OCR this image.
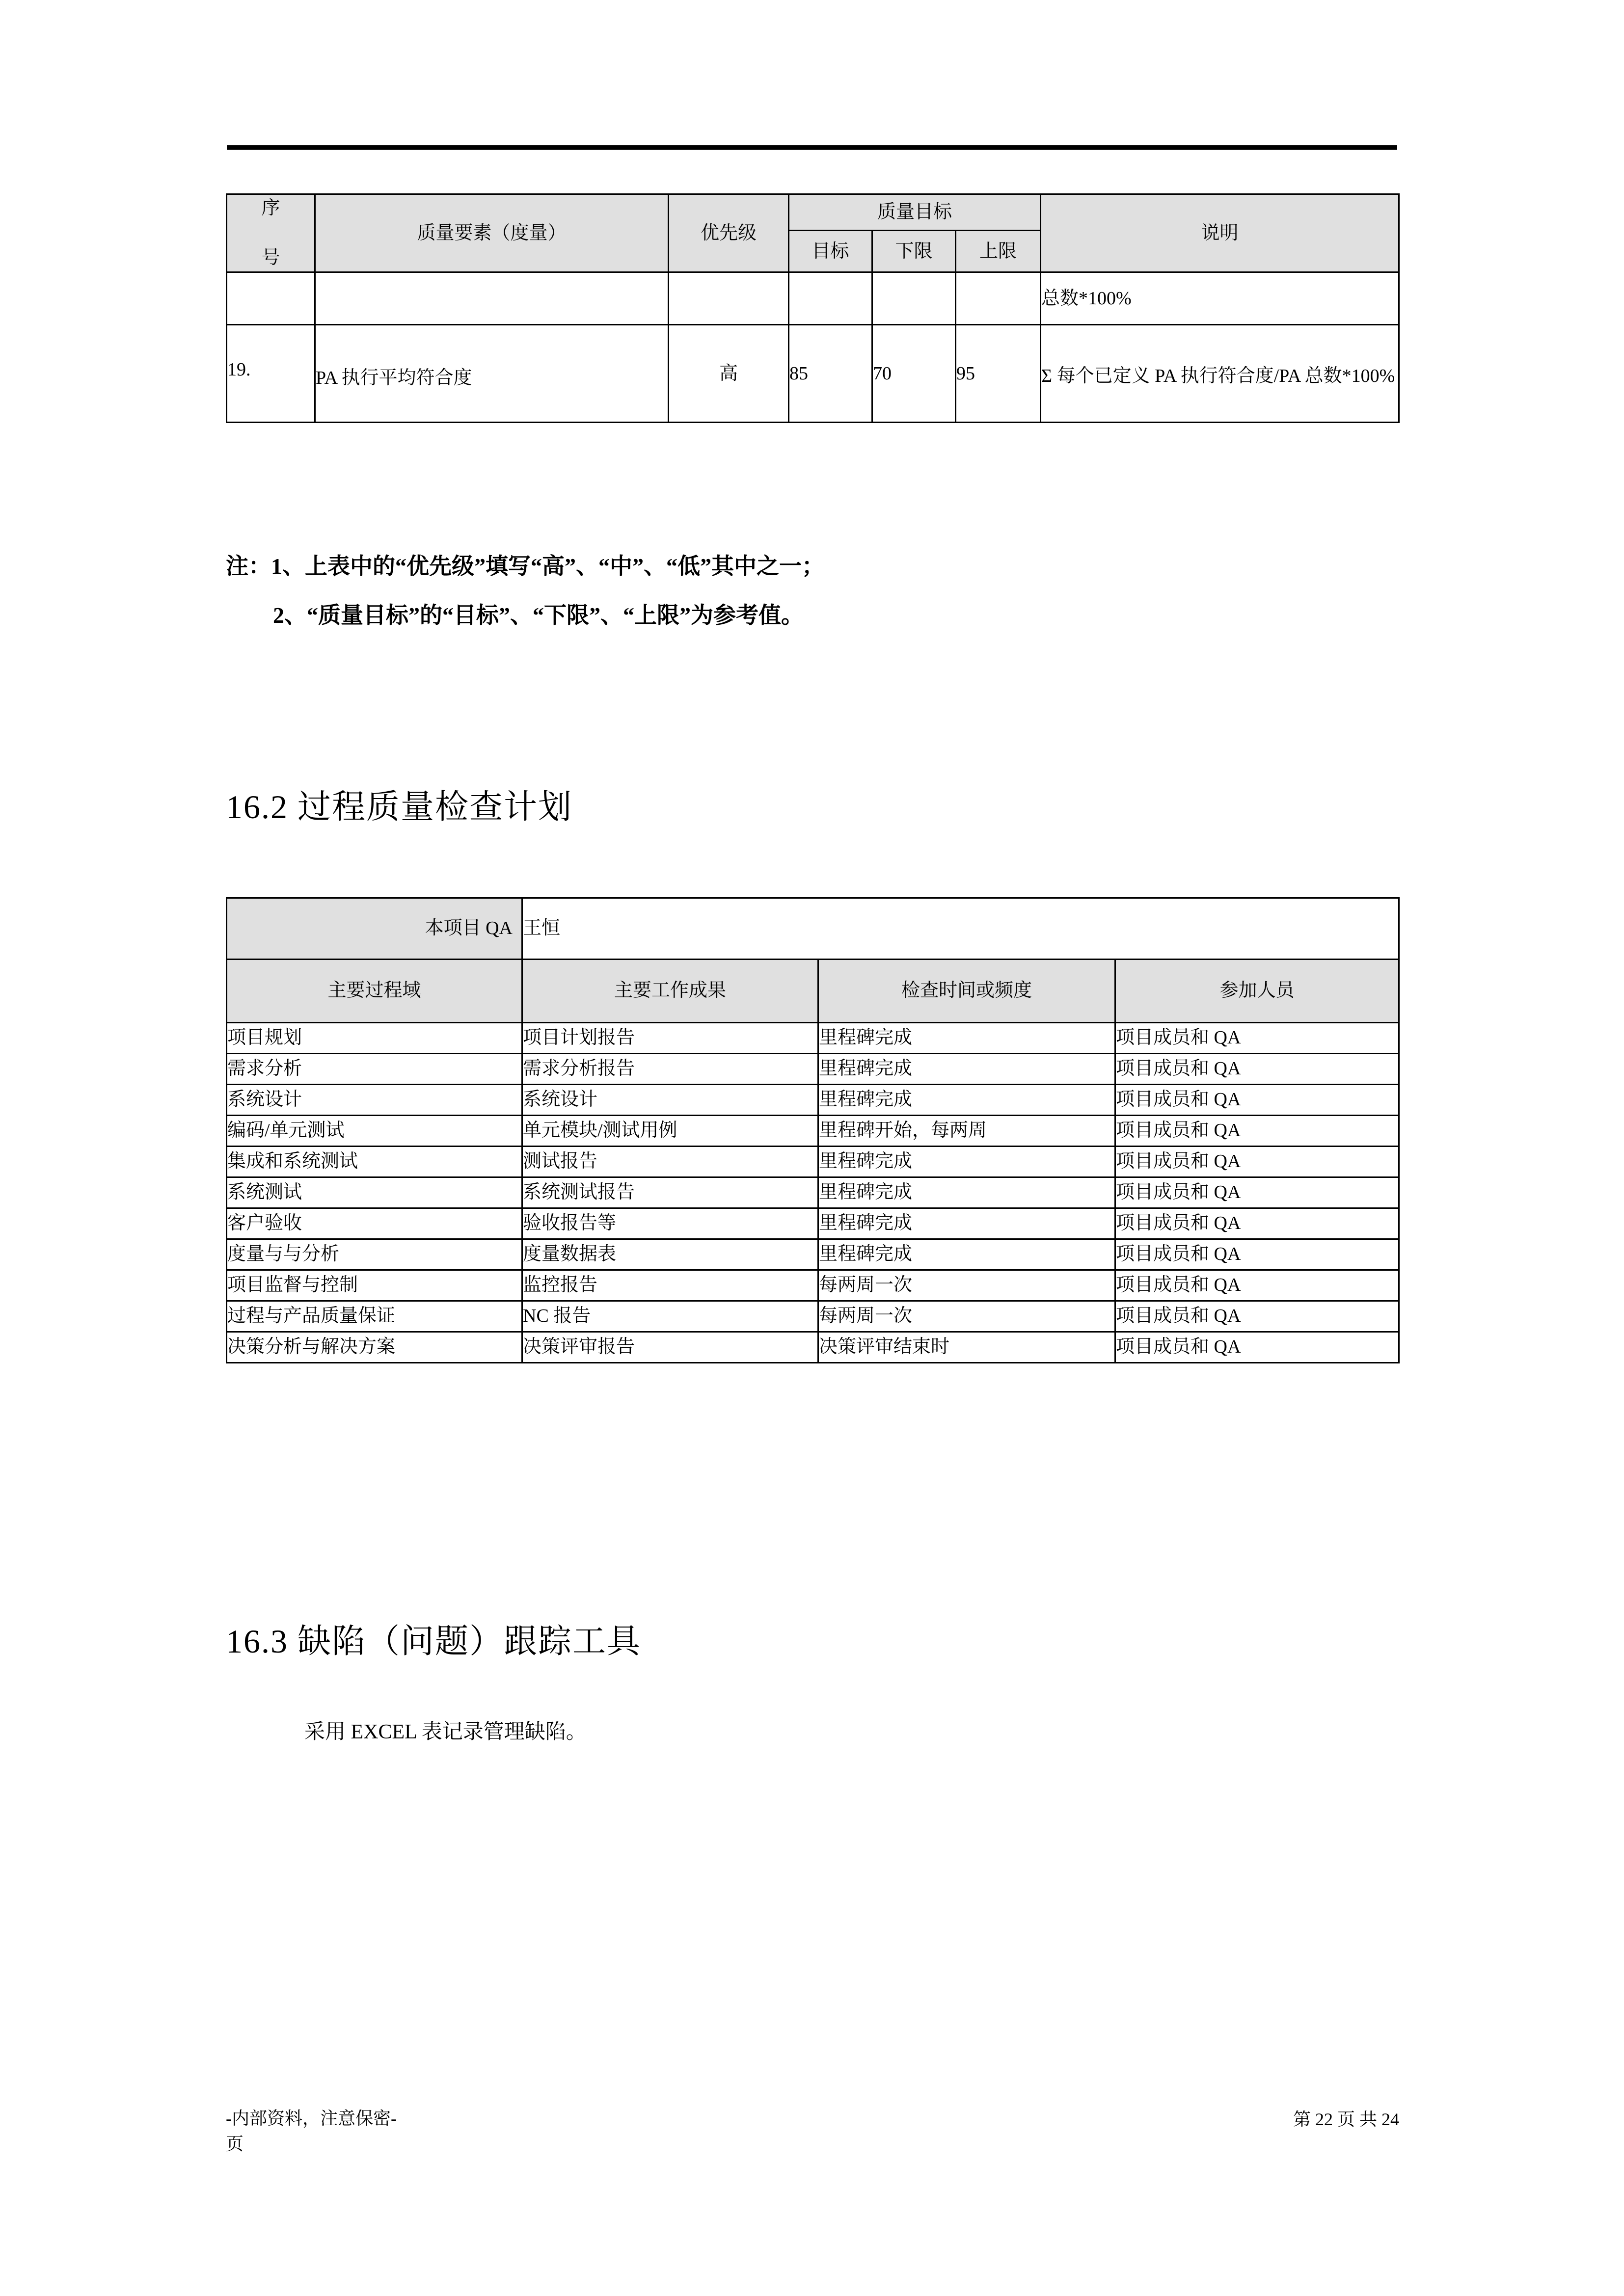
序
号	质量要素（度量）	优先级	质量目标			说明
			目标	下限	上限	
						总数*100%
19.	PA 执行平均符合度	高	85	70	95	Σ 每个已定义 PA 执行符合度/PA 总数*100%

注：1、上表中的“优先级”填写“高”、“中”、“低”其中之一；

2、“质量目标”的“目标”、“下限”、“上限”为参考值。

16.2 过程质量检查计划
本项目 QA	王恒		
主要过程域	主要工作成果	检查时间或频度	参加人员
项目规划	项目计划报告	里程碑完成	项目成员和 QA
需求分析	需求分析报告	里程碑完成	项目成员和 QA
系统设计	系统设计	里程碑完成	项目成员和 QA
编码/单元测试	单元模块/测试用例	里程碑开始，每两周	项目成员和 QA
集成和系统测试	测试报告	里程碑完成	项目成员和 QA
系统测试	系统测试报告	里程碑完成	项目成员和 QA
客户验收	验收报告等	里程碑完成	项目成员和 QA
度量与与分析	度量数据表	里程碑完成	项目成员和 QA
项目监督与控制	监控报告	每两周一次	项目成员和 QA
过程与产品质量保证	NC 报告	每两周一次	项目成员和 QA
决策分析与解决方案	决策评审报告	决策评审结束时	项目成员和 QA
16.3 缺陷（问题）跟踪工具
采用 EXCEL 表记录管理缺陷。
-内部资料，注意保密-
页
第 22 页 共 24
